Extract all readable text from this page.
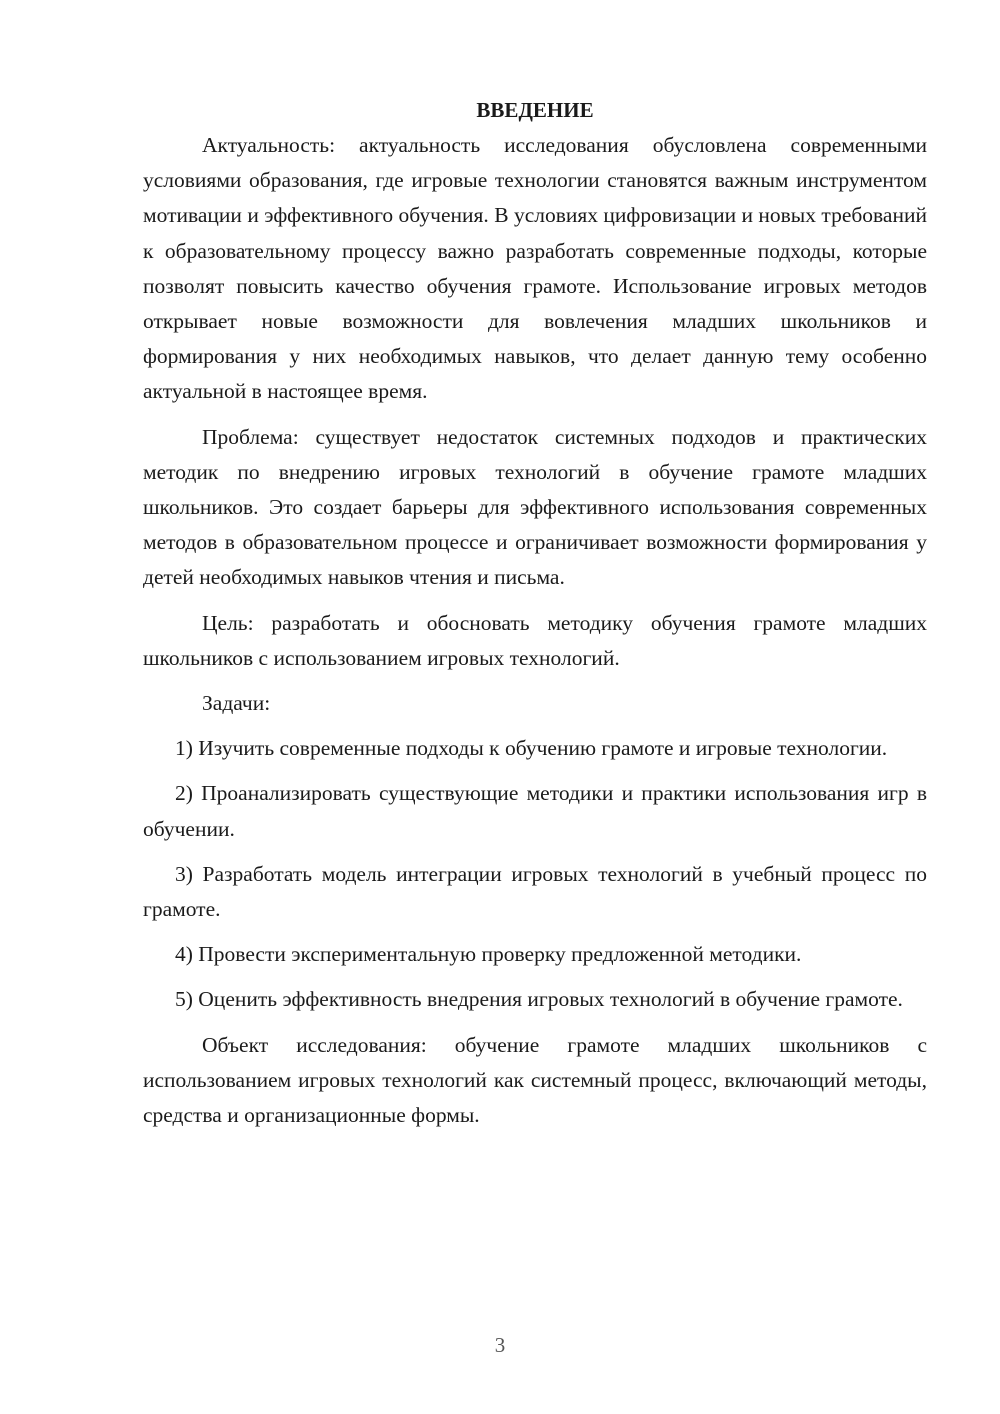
ВВЕДЕНИЕ

Актуальность: актуальность исследования обусловлена современными условиями образования, где игровые технологии становятся важным инструментом мотивации и эффективного обучения. В условиях цифровизации и новых требований к образовательному процессу важно разработать современные подходы, которые позволят повысить качество обучения грамоте. Использование игровых методов открывает новые возможности для вовлечения младших школьников и формирования у них необходимых навыков, что делает данную тему особенно актуальной в настоящее время.

Проблема: существует недостаток системных подходов и практических методик по внедрению игровых технологий в обучение грамоте младших школьников. Это создает барьеры для эффективного использования современных методов в образовательном процессе и ограничивает возможности формирования у детей необходимых навыков чтения и письма.

Цель: разработать и обосновать методику обучения грамоте младших школьников с использованием игровых технологий.

Задачи:

1) Изучить современные подходы к обучению грамоте и игровые технологии.

2) Проанализировать существующие методики и практики использования игр в обучении.

3) Разработать модель интеграции игровых технологий в учебный процесс по грамоте.

4) Провести экспериментальную проверку предложенной методики.

5) Оценить эффективность внедрения игровых технологий в обучение грамоте.

Объект исследования: обучение грамоте младших школьников с использованием игровых технологий как системный процесс, включающий методы, средства и организационные формы.

3
